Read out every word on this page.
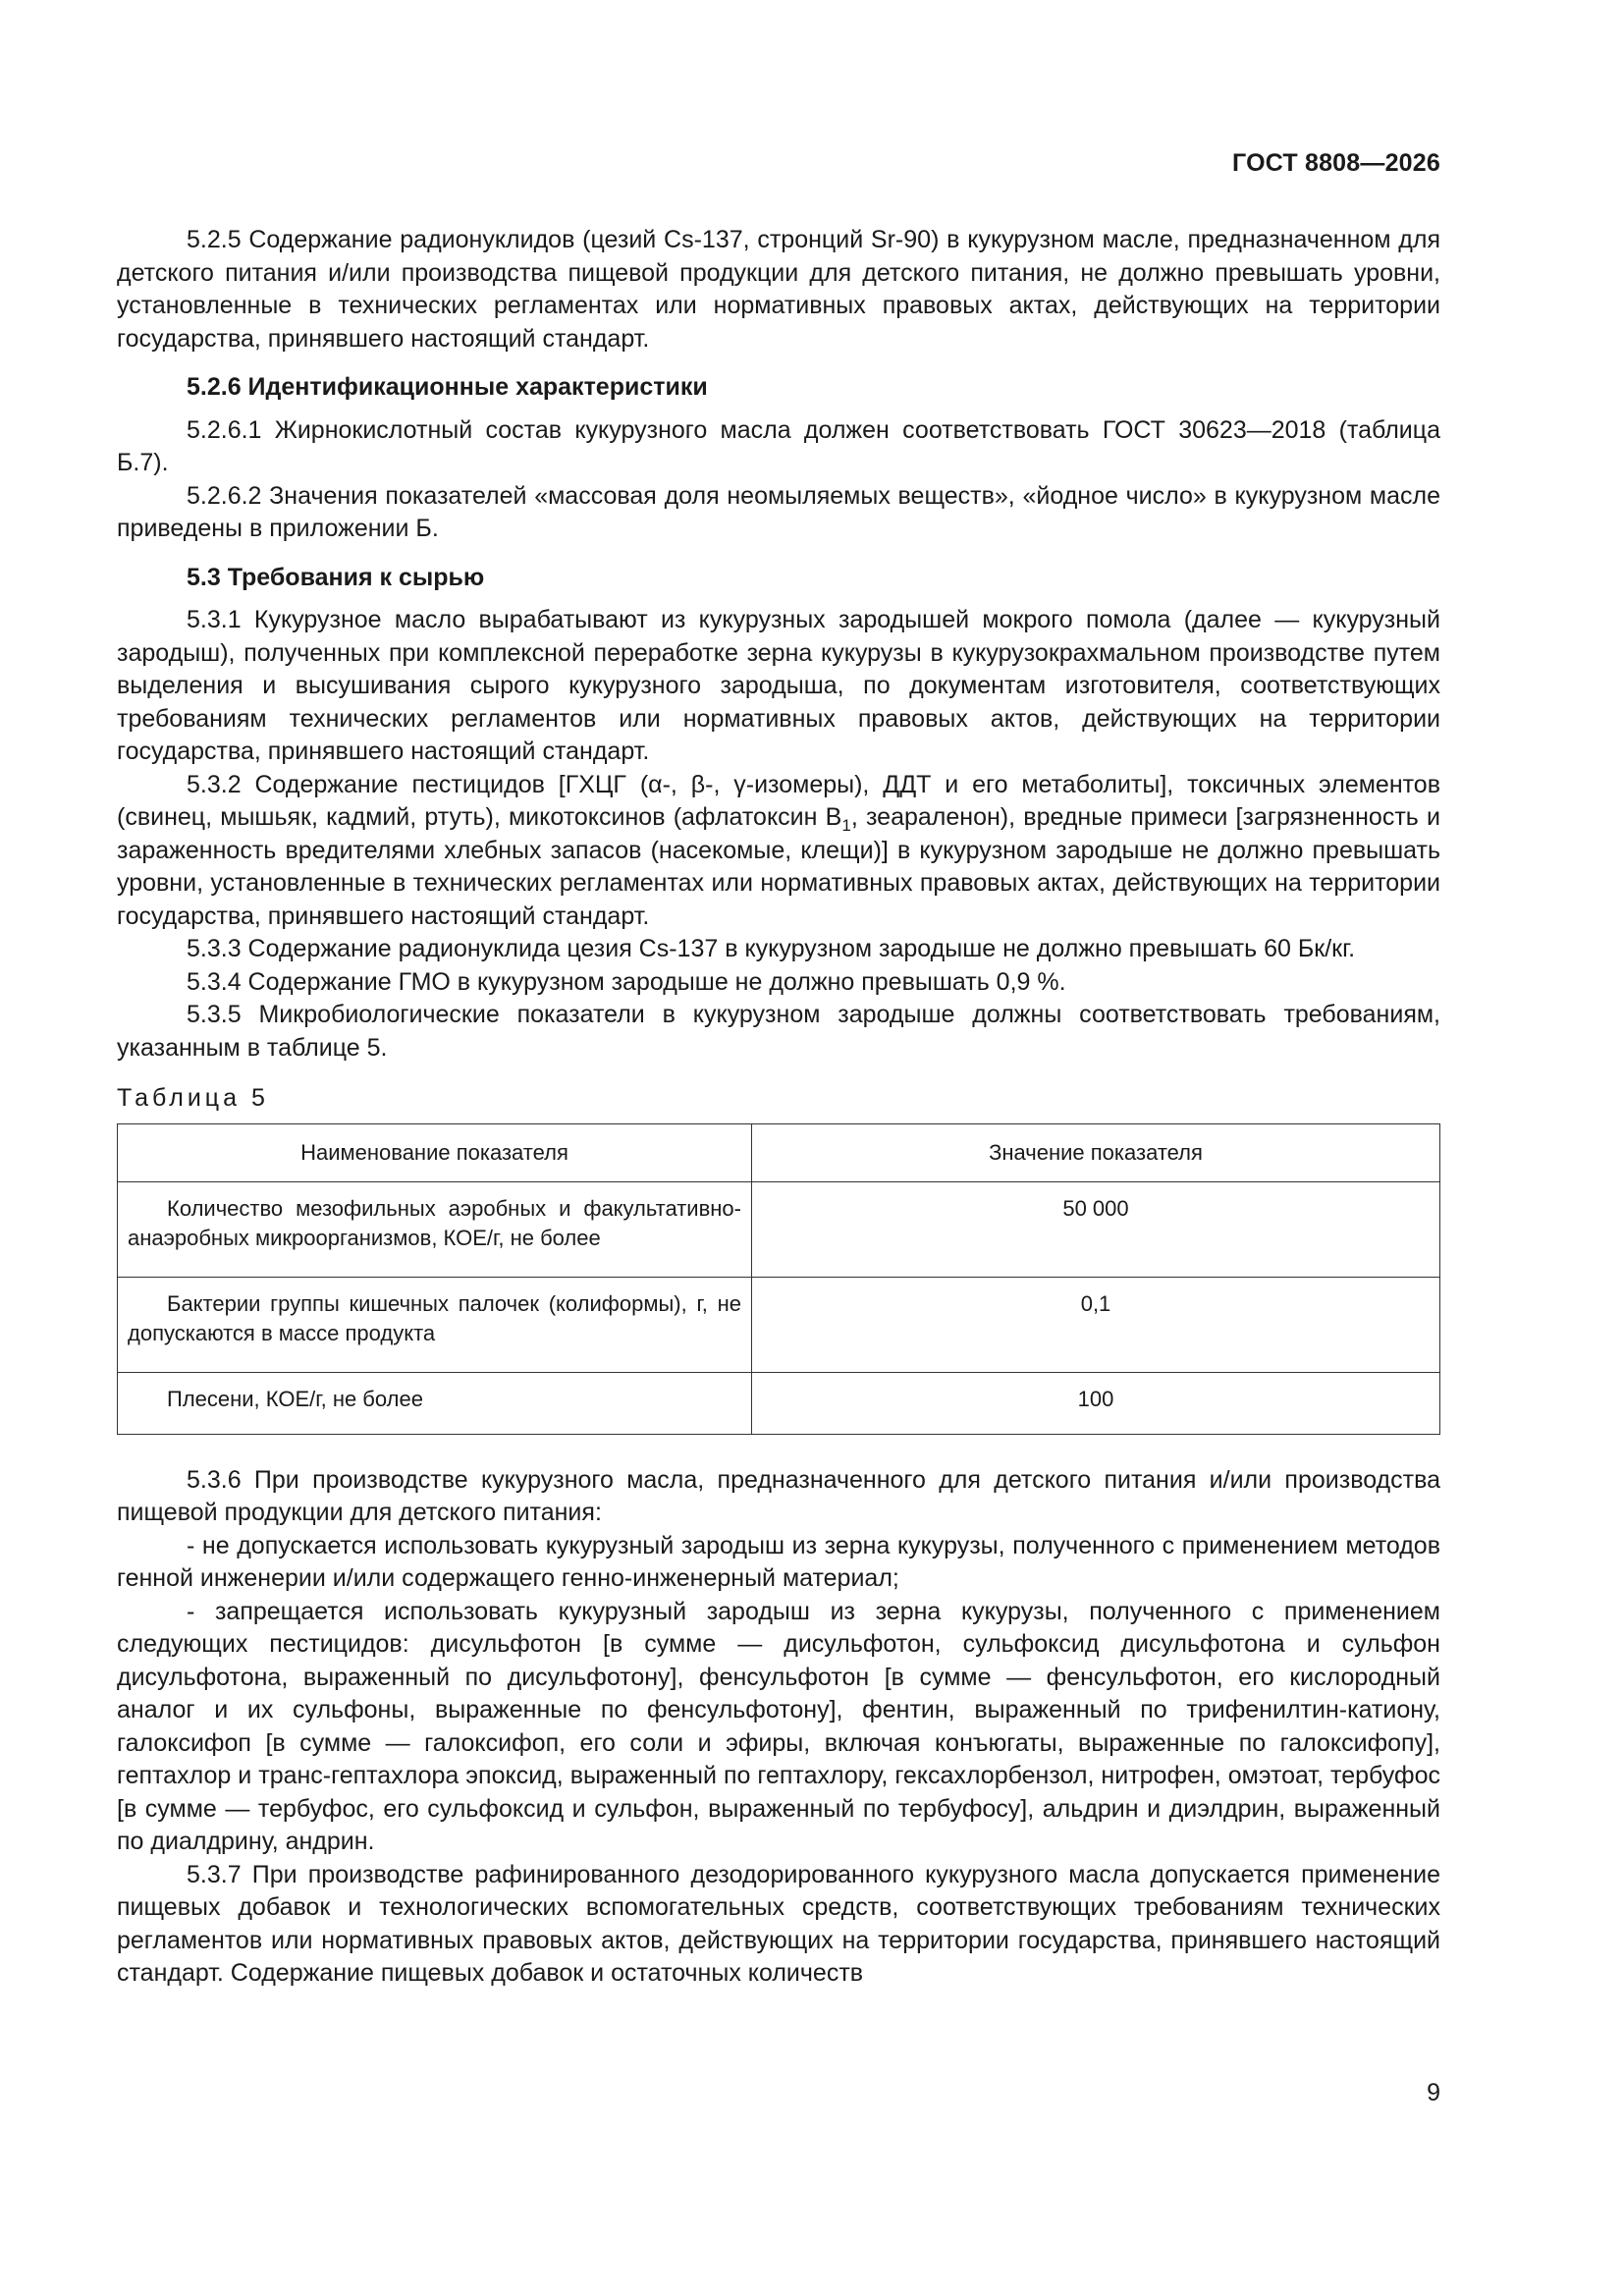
ГОСТ 8808—2026

5.2.5 Содержание радионуклидов (цезий Cs-137, стронций Sr-90) в кукурузном масле, предназначенном для детского питания и/или производства пищевой продукции для детского питания, не должно превышать уровни, установленные в технических регламентах или нормативных правовых актах, действующих на территории государства, принявшего настоящий стандарт.

5.2.6 Идентификационные характеристики

5.2.6.1 Жирнокислотный состав кукурузного масла должен соответствовать ГОСТ 30623—2018 (таблица Б.7).

5.2.6.2 Значения показателей «массовая доля неомыляемых веществ», «йодное число» в кукурузном масле приведены в приложении Б.

5.3 Требования к сырью

5.3.1 Кукурузное масло вырабатывают из кукурузных зародышей мокрого помола (далее — кукурузный зародыш), полученных при комплексной переработке зерна кукурузы в кукурузокрахмальном производстве путем выделения и высушивания сырого кукурузного зародыша, по документам изготовителя, соответствующих требованиям технических регламентов или нормативных правовых актов, действующих на территории государства, принявшего настоящий стандарт.

5.3.2 Содержание пестицидов [ГХЦГ (α-, β-, γ-изомеры), ДДТ и его метаболиты], токсичных элементов (свинец, мышьяк, кадмий, ртуть), микотоксинов (афлатоксин $B_1$, зеараленон), вредные примеси [загрязненность и зараженность вредителями хлебных запасов (насекомые, клещи)] в кукурузном зародыше не должно превышать уровни, установленные в технических регламентах или нормативных правовых актах, действующих на территории государства, принявшего настоящий стандарт.

5.3.3 Содержание радионуклида цезия Cs-137 в кукурузном зародыше не должно превышать 60 Бк/кг.

5.3.4 Содержание ГМО в кукурузном зародыше не должно превышать 0,9 %.

5.3.5 Микробиологические показатели в кукурузном зародыше должны соответствовать требованиям, указанным в таблице 5.

Таблица 5

Наименование показателя	Значение показателя

Количество мезофильных аэробных и факультативно-анаэробных микроорганизмов, КОЕ/г, не более	50 000

Бактерии группы кишечных палочек (колиформы), г, не допускаются в массе продукта	0,1

Плесени, КОЕ/г, не более	100

5.3.6 При производстве кукурузного масла, предназначенного для детского питания и/или производства пищевой продукции для детского питания:

- не допускается использовать кукурузный зародыш из зерна кукурузы, полученного с применением методов генной инженерии и/или содержащего генно-инженерный материал;

- запрещается использовать кукурузный зародыш из зерна кукурузы, полученного с применением следующих пестицидов: дисульфотон [в сумме — дисульфотон, сульфоксид дисульфотона и сульфон дисульфотона, выраженный по дисульфотону], фенсульфотон [в сумме — фенсульфотон, его кислородный аналог и их сульфоны, выраженные по фенсульфотону], фентин, выраженный по трифенилтин-катиону, галоксифоп [в сумме — галоксифоп, его соли и эфиры, включая конъюгаты, выраженные по галоксифопу], гептахлор и транс-гептахлора эпоксид, выраженный по гептахлору, гексахлорбензол, нитрофен, омэтоат, тербуфос [в сумме — тербуфос, его сульфоксид и сульфон, выраженный по тербуфосу], альдрин и диэлдрин, выраженный по диалдрину, андрин.

5.3.7 При производстве рафинированного дезодорированного кукурузного масла допускается применение пищевых добавок и технологических вспомогательных средств, соответствующих требованиям технических регламентов или нормативных правовых актов, действующих на территории государства, принявшего настоящий стандарт. Содержание пищевых добавок и остаточных количеств

9
